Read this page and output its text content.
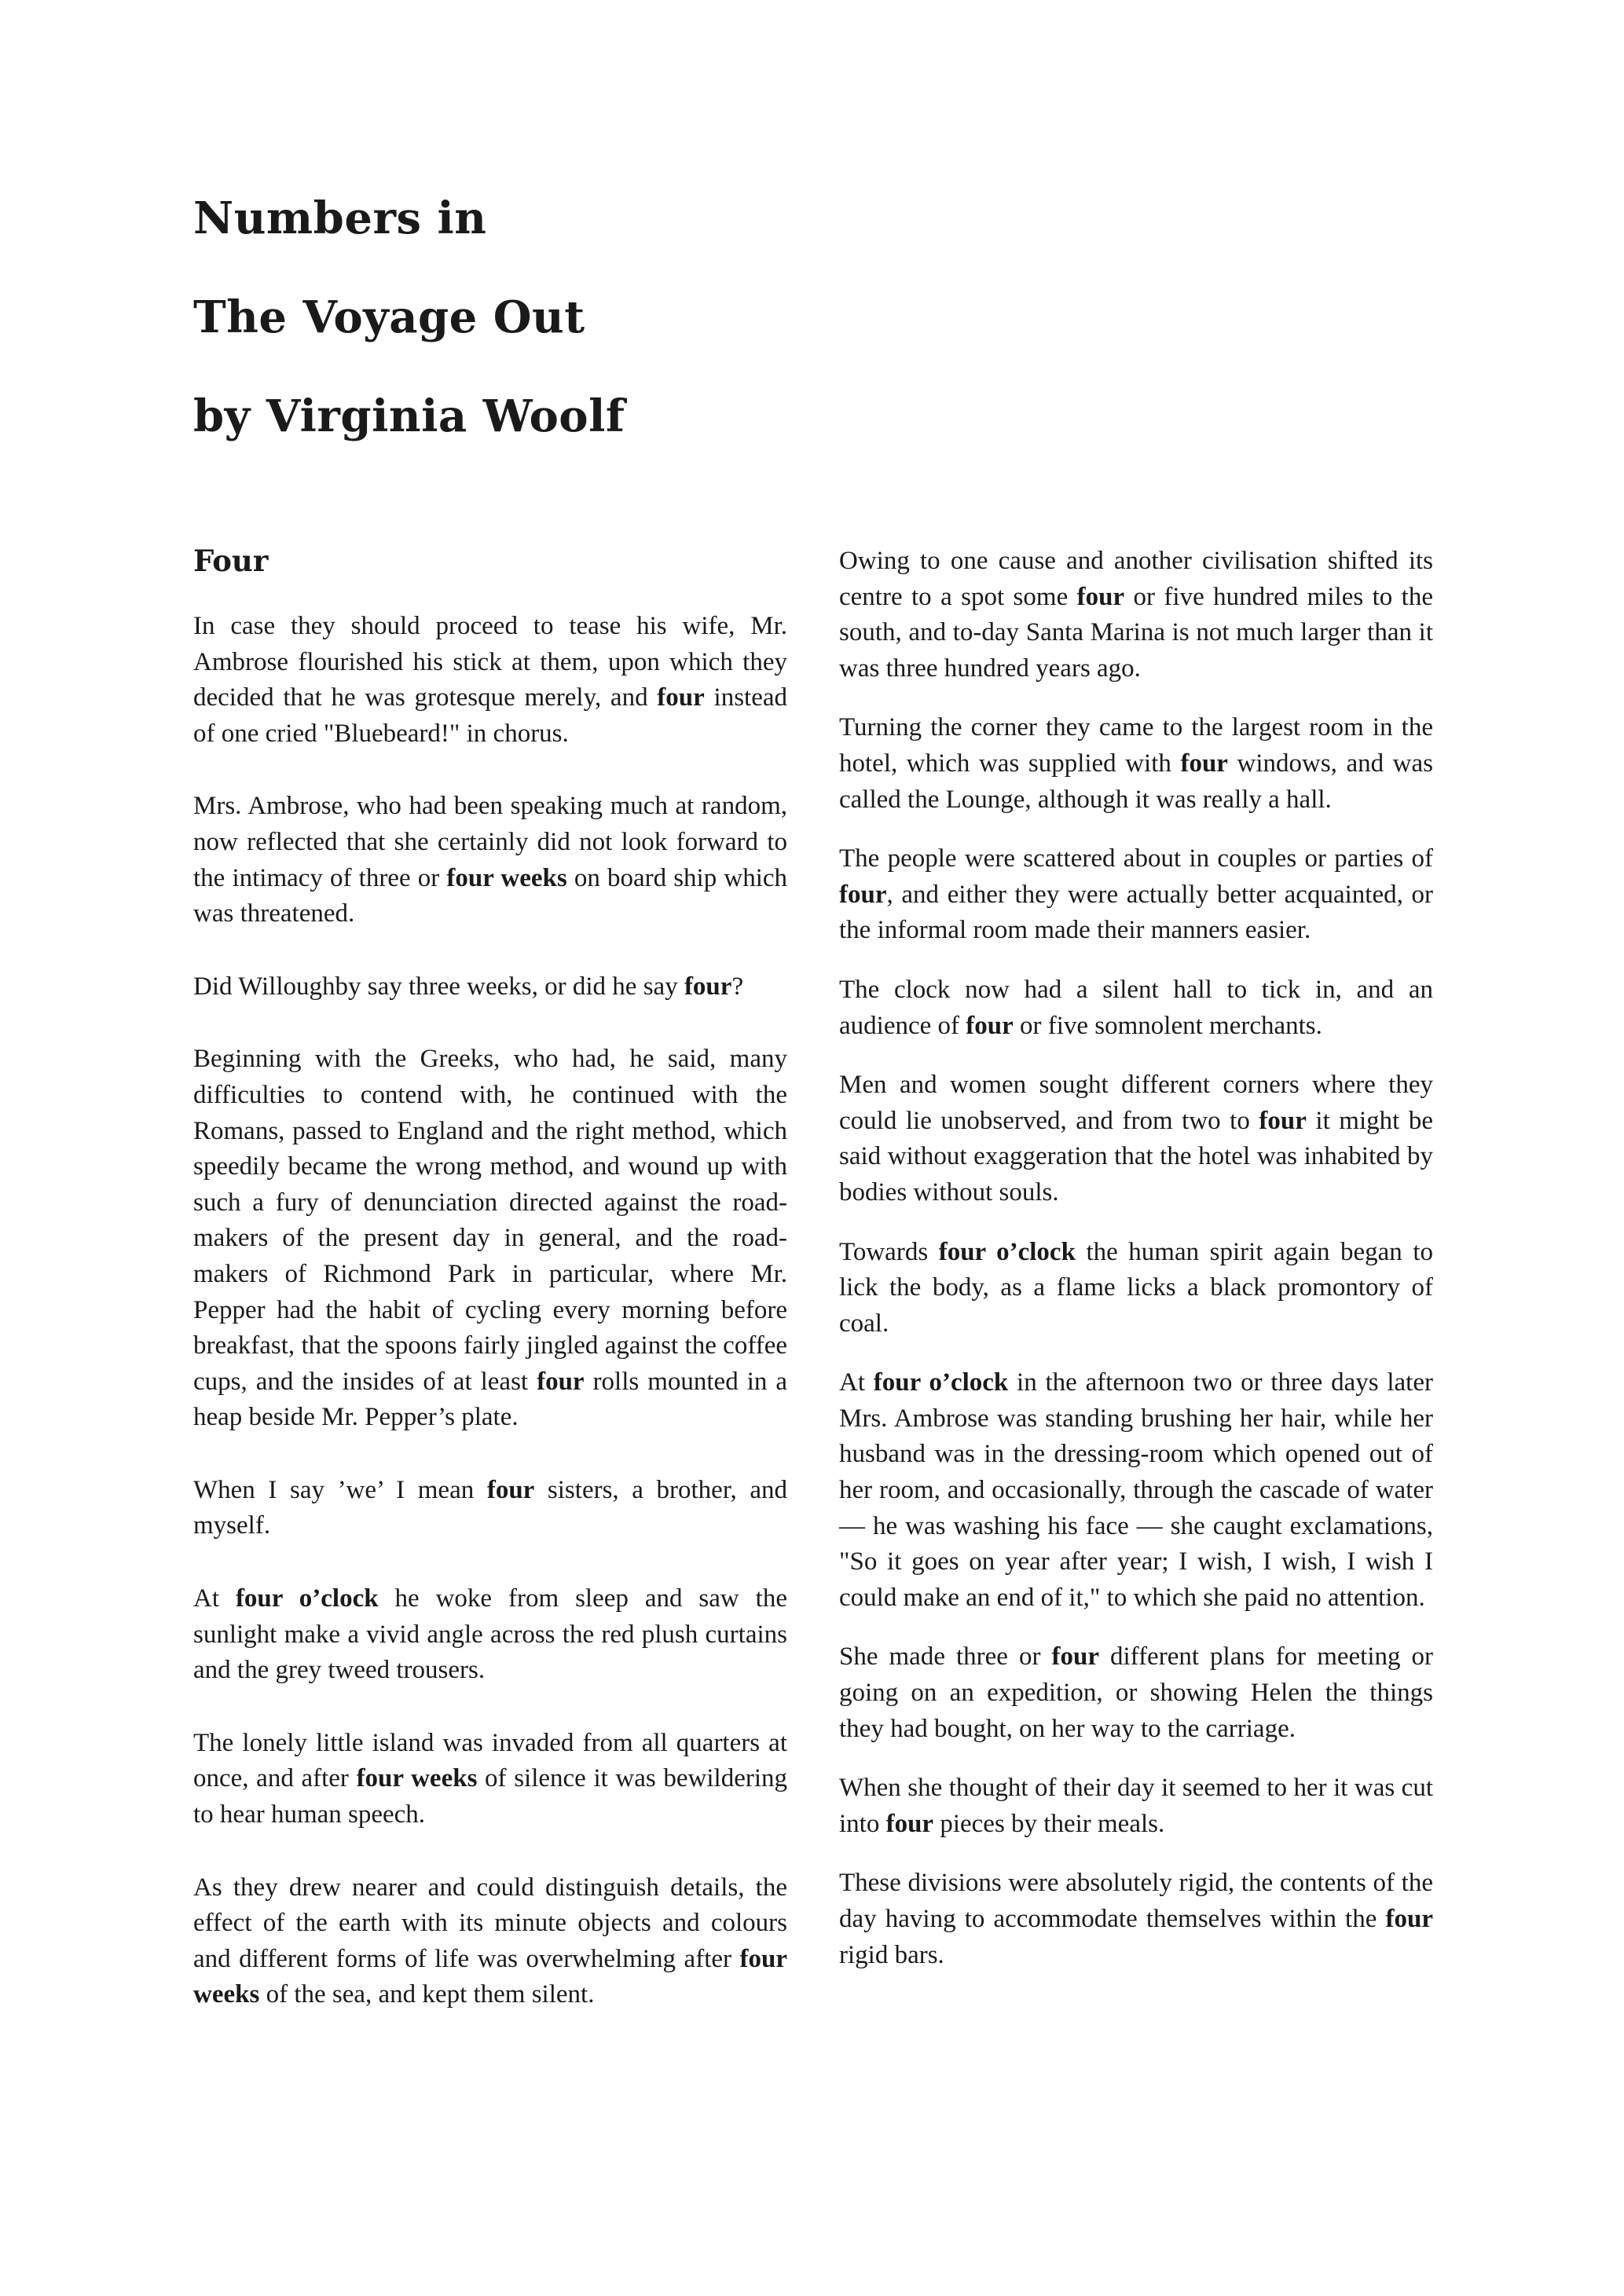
Numbers in
The Voyage Out
by Virginia Woolf
Four

In case they should proceed to tease his wife, Mr. Ambrose flourished his stick at them, upon which they decided that he was grotesque merely, and four instead of one cried "Bluebeard!" in chorus.

Mrs. Ambrose, who had been speaking much at random, now reflected that she certainly did not look forward to the intimacy of three or four weeks on board ship which was threatened.

Did Willoughby say three weeks, or did he say four?

Beginning with the Greeks, who had, he said, many difficulties to contend with, he continued with the Romans, passed to England and the right method, which speedily became the wrong method, and wound up with such a fury of denunciation directed against the road-makers of the present day in general, and the road-makers of Richmond Park in particular, where Mr. Pepper had the habit of cycling every morning before breakfast, that the spoons fairly jingled against the coffee cups, and the insides of at least four rolls mounted in a heap beside Mr. Pepper’s plate.

When I say ’we’ I mean four sisters, a brother, and myself.

At four o’clock he woke from sleep and saw the sunlight make a vivid angle across the red plush curtains and the grey tweed trousers.

The lonely little island was invaded from all quarters at once, and after four weeks of silence it was bewildering to hear human speech.

As they drew nearer and could distinguish details, the effect of the earth with its minute objects and colours and different forms of life was overwhelming after four weeks of the sea, and kept them silent.

Owing to one cause and another civilisation shifted its centre to a spot some four or five hundred miles to the south, and to-day Santa Marina is not much larger than it was three hundred years ago.

Turning the corner they came to the largest room in the hotel, which was supplied with four windows, and was called the Lounge, although it was really a hall.

The people were scattered about in couples or parties of four, and either they were actually better acquainted, or the informal room made their manners easier.

The clock now had a silent hall to tick in, and an audience of four or five somnolent merchants.

Men and women sought different corners where they could lie unobserved, and from two to four it might be said without exaggeration that the hotel was inhabited by bodies without souls.

Towards four o’clock the human spirit again began to lick the body, as a flame licks a black promontory of coal.

At four o’clock in the afternoon two or three days later Mrs. Ambrose was standing brushing her hair, while her husband was in the dressing-room which opened out of her room, and occasionally, through the cascade of water — he was washing his face — she caught exclamations, "So it goes on year after year; I wish, I wish, I wish I could make an end of it," to which she paid no attention.

She made three or four different plans for meeting or going on an expedition, or showing Helen the things they had bought, on her way to the carriage.

When she thought of their day it seemed to her it was cut into four pieces by their meals.

These divisions were absolutely rigid, the contents of the day having to accommodate themselves within the four rigid bars.
